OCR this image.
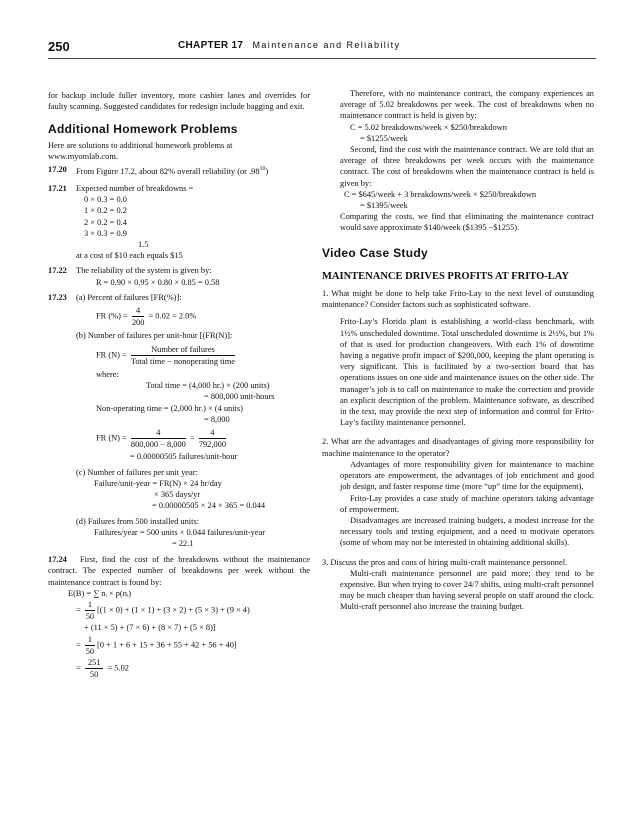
250	CHAPTER 17 Maintenance and Reliability

for backup include fuller inventory, more cashier lanes and overrides for faulty scanning. Suggested candidates for redesign include bagging and exit.

Additional Homework Problems

Here are solutions to additional homework problems at
www.myomlab.com.

17.20	From Figure 17.2, about 82% overall reliability (or $.98^{10}$)
17.21	Expected number of breakdowns =
0 × 0.3 = 0.0
1 × 0.2 = 0.2
2 × 0.2 = 0.4
3 × 0.3 = 0.9
1.5
at a cost of $10 each equals $15
17.22	The reliability of the system is given by:
R = 0.90 × 0.95 × 0.80 × 0.85 = 0.58
17.23	(a) Percent of failures [FR(%)]:
FR (%) = $\frac{4}{200} = 0.02 = 2.0\%$
(b) Number of failures per unit-hour [(FR(N)]:
FR $(N) = \frac{\text{Number of failures}}{\text{Total time − nonoperating time}}$
where:
Total time = (4,000 hr.) × (200 units)
= 800,000 unit-hours
Non-operating time = (2,000 hr.) × (4 units)
= 8,000
FR $(N) = \frac{4}{800,000 - 8,000} = \frac{4}{792,000}$
= 0.00000505 failures/unit-hour
(c) Number of failures per unit year:
Failure/unit-year = FR(N) × 24 hr/day
× 365 days/yr
= 0.00000505 × 24 × 365 = 0.044
(d) Failures from 500 installed units:
Failures/year = 500 units × 0.044 failures/unit-year
= 22.1
17.24 First, find the cost of the breakdowns without the maintenance contract. The expected number of breakdowns per week without the maintenance contract is found by:
E(B) = ∑ nᵢ × p(nᵢ)
= $\frac{1}{50} [(1 \times 0) + (1 \times 1) + (3 \times 2) + (5 \times 3) + (9 \times 4)$
+ (11 × 5) + (7 × 6) + (8 × 7) + (5 × 8)]
= $\frac{1}{50} [0 + 1 + 6 + 15 + 36 + 55 + 42 + 56 + 40]$
= $\frac{251}{50} = 5.02$

Therefore, with no maintenance contract, the company experiences an average of 5.02 breakdowns per week. The cost of breakdowns when no maintenance contract is held is given by:

C = 5.02 breakdowns/week × $250/breakdown
= $1255/week

Second, find the cost with the maintenance contract. We are told that an average of three breakdowns per week occurs with the maintenance contract. The cost of breakdowns when the maintenance contract is held is given by:

C = $645/week + 3 breakdowns/week × $250/breakdown
= $1395/week

Comparing the costs, we find that eliminating the maintenance contract would save approximate $140/week ($1395 −$1255).

Video Case Study
MAINTENANCE DRIVES PROFITS AT FRITO-LAY

1. What might be done to help take Frito-Lay to the next level of outstanding maintenance? Consider factors such as sophisticated software.

Frito-Lay’s Florida plant is establishing a world-class benchmark, with 1½% unscheduled downtime. Total unscheduled downtime is 2½%, but 1% of that is used for production changeovers. With each 1% of downtime having a negative profit impact of $200,000, keeping the plant operating is very significant. This is facilitated by a two-section board that has operations issues on one side and maintenance issues on the other side. The manager’s job is to call on maintenance to make the correction and provide an explicit description of the problem. Maintenance software, as described in the text, may provide the next step of information and control for Frito-Lay’s facility maintenance personnel.

2. What are the advantages and disadvantages of giving more responsibility for machine maintenance to the operator?

Advantages of more responsibility given for maintenance to machine operators are empowerment, the advantages of job enrichment and good job design, and faster response time (more “up” time for the equipment).

Frito-Lay provides a case study of machine operators taking advantage of empowerment.

Disadvantages are increased training budgets, a modest increase for the necessary tools and testing equipment, and a need to motivate operators (some of whom may not be interested in obtaining additional skills).

3. Discuss the pros and cons of hiring multi-craft maintenance personnel.

Multi-craft maintenance personnel are paid more; they tend to be expensive. But when trying to cover 24/7 shifts, using multi-craft personnel may be much cheaper than having several people on staff around the clock. Multi-craft personnel also increase the training budget.
